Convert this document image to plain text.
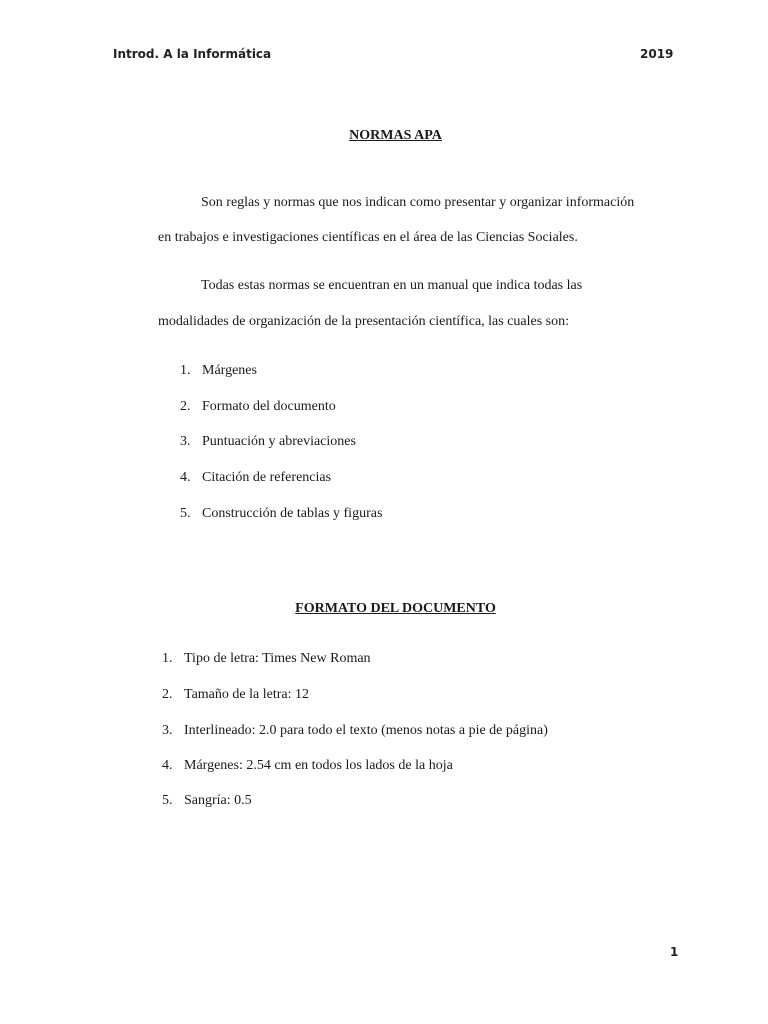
Introd. A la Informática	2019
NORMAS APA
Son reglas y normas que nos indican como presentar y organizar información
en trabajos e investigaciones científicas en el área de las Ciencias Sociales.
Todas estas normas se encuentran en un manual que indica todas las
modalidades de organización de la presentación científica, las cuales son:
1. Márgenes
2. Formato del documento
3. Puntuación y abreviaciones
4. Citación de referencias
5. Construcción de tablas y figuras
FORMATO DEL DOCUMENTO
1. Tipo de letra: Times New Roman
2. Tamaño de la letra: 12
3. Interlineado: 2.0 para todo el texto (menos notas a pie de página)
4. Márgenes: 2.54 cm en todos los lados de la hoja
5. Sangría: 0.5
1
